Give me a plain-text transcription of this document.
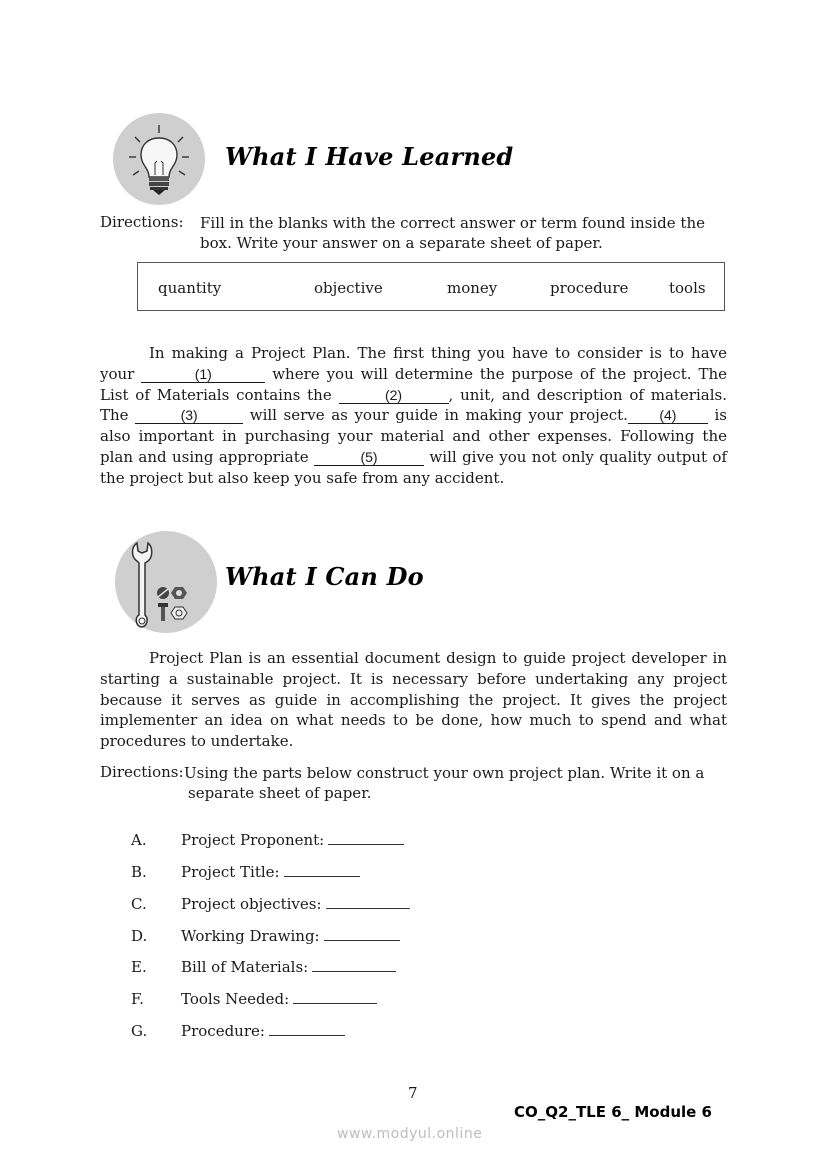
What I Have Learned
Directions: Fill in the blanks with the correct answer or term found inside the
box. Write your answer on a separate sheet of paper.
quantity	objective	money	procedure	tools
In making a Project Plan. The first thing you have to consider is to have your	(1)	where you will determine the purpose of the project. The List of Materials contains the	(2)	, unit, and description of materials. The	(3)	will serve as your guide in making your project. (4) is also important in purchasing your material and other expenses. Following the plan and using appropriate	(5)	will give you not only quality output of the project but also keep you safe from any accident.
What I Can Do
Project Plan is an essential document design to guide project developer in starting a sustainable project. It is necessary before undertaking any project because it serves as guide in accomplishing the project. It gives the project implementer an idea on what needs to be done, how much to spend and what procedures to undertake.
Directions: Using the parts below construct your own project plan. Write it on a
separate sheet of paper.
A. Project Proponent:
B. Project Title:
C. Project objectives:
D. Working Drawing:
E. Bill of Materials:
F. Tools Needed:
G. Procedure:
7
CO_Q2_TLE 6_ Module 6
www.modyul.online
